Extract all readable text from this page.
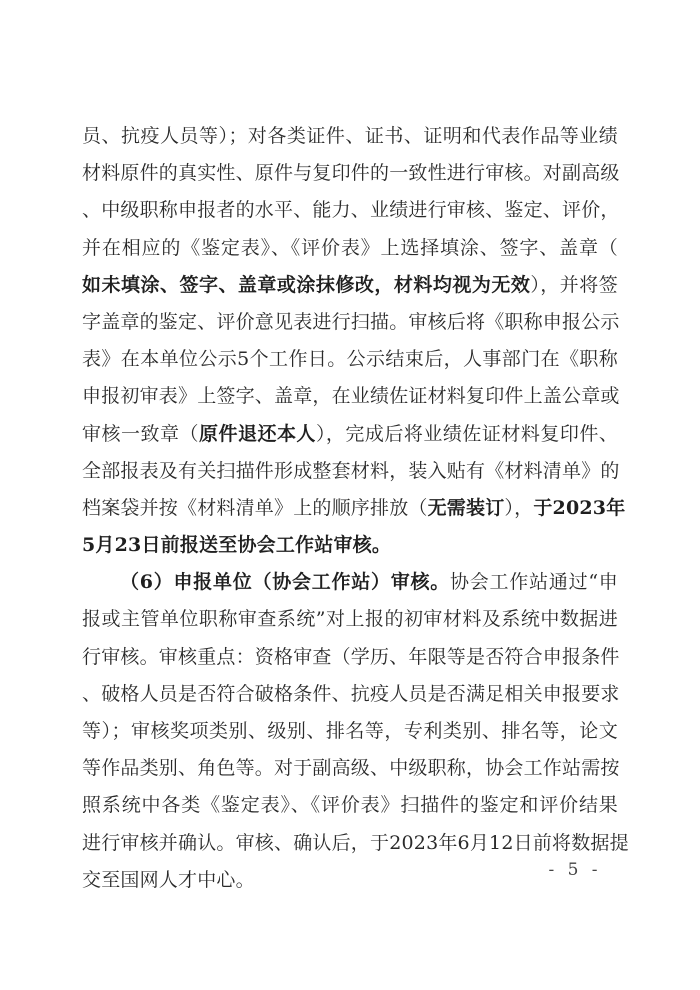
员、抗疫人员等）；对各类证件、证书、证明和代表作品等业绩
材料原件的真实性、原件与复印件的一致性进行审核。对副高级
、中级职称申报者的水平、能力、业绩进行审核、鉴定、评价，
并在相应的《鉴定表》、《评价表》上选择填涂、签字、盖章（
如未填涂、签字、盖章或涂抹修改，材料均视为无效），并将签
字盖章的鉴定、评价意见表进行扫描。审核后将《职称申报公示
表》在本单位公示5个工作日。公示结束后，人事部门在《职称
申报初审表》上签字、盖章，在业绩佐证材料复印件上盖公章或
审核一致章（原件退还本人），完成后将业绩佐证材料复印件、
全部报表及有关扫描件形成整套材料，装入贴有《材料清单》的
档案袋并按《材料清单》上的顺序排放（无需装订），于2023年
5月23日前报送至协会工作站审核。
（6）申报单位（协会工作站）审核。协会工作站通过“申
报或主管单位职称审查系统”对上报的初审材料及系统中数据进
行审核。审核重点：资格审查（学历、年限等是否符合申报条件
、破格人员是否符合破格条件、抗疫人员是否满足相关申报要求
等）；审核奖项类别、级别、排名等，专利类别、排名等，论文
等作品类别、角色等。对于副高级、中级职称，协会工作站需按
照系统中各类《鉴定表》、《评价表》扫描件的鉴定和评价结果
进行审核并确认。审核、确认后，于2023年6月12日前将数据提
交至国网人才中心。	- 5 -
